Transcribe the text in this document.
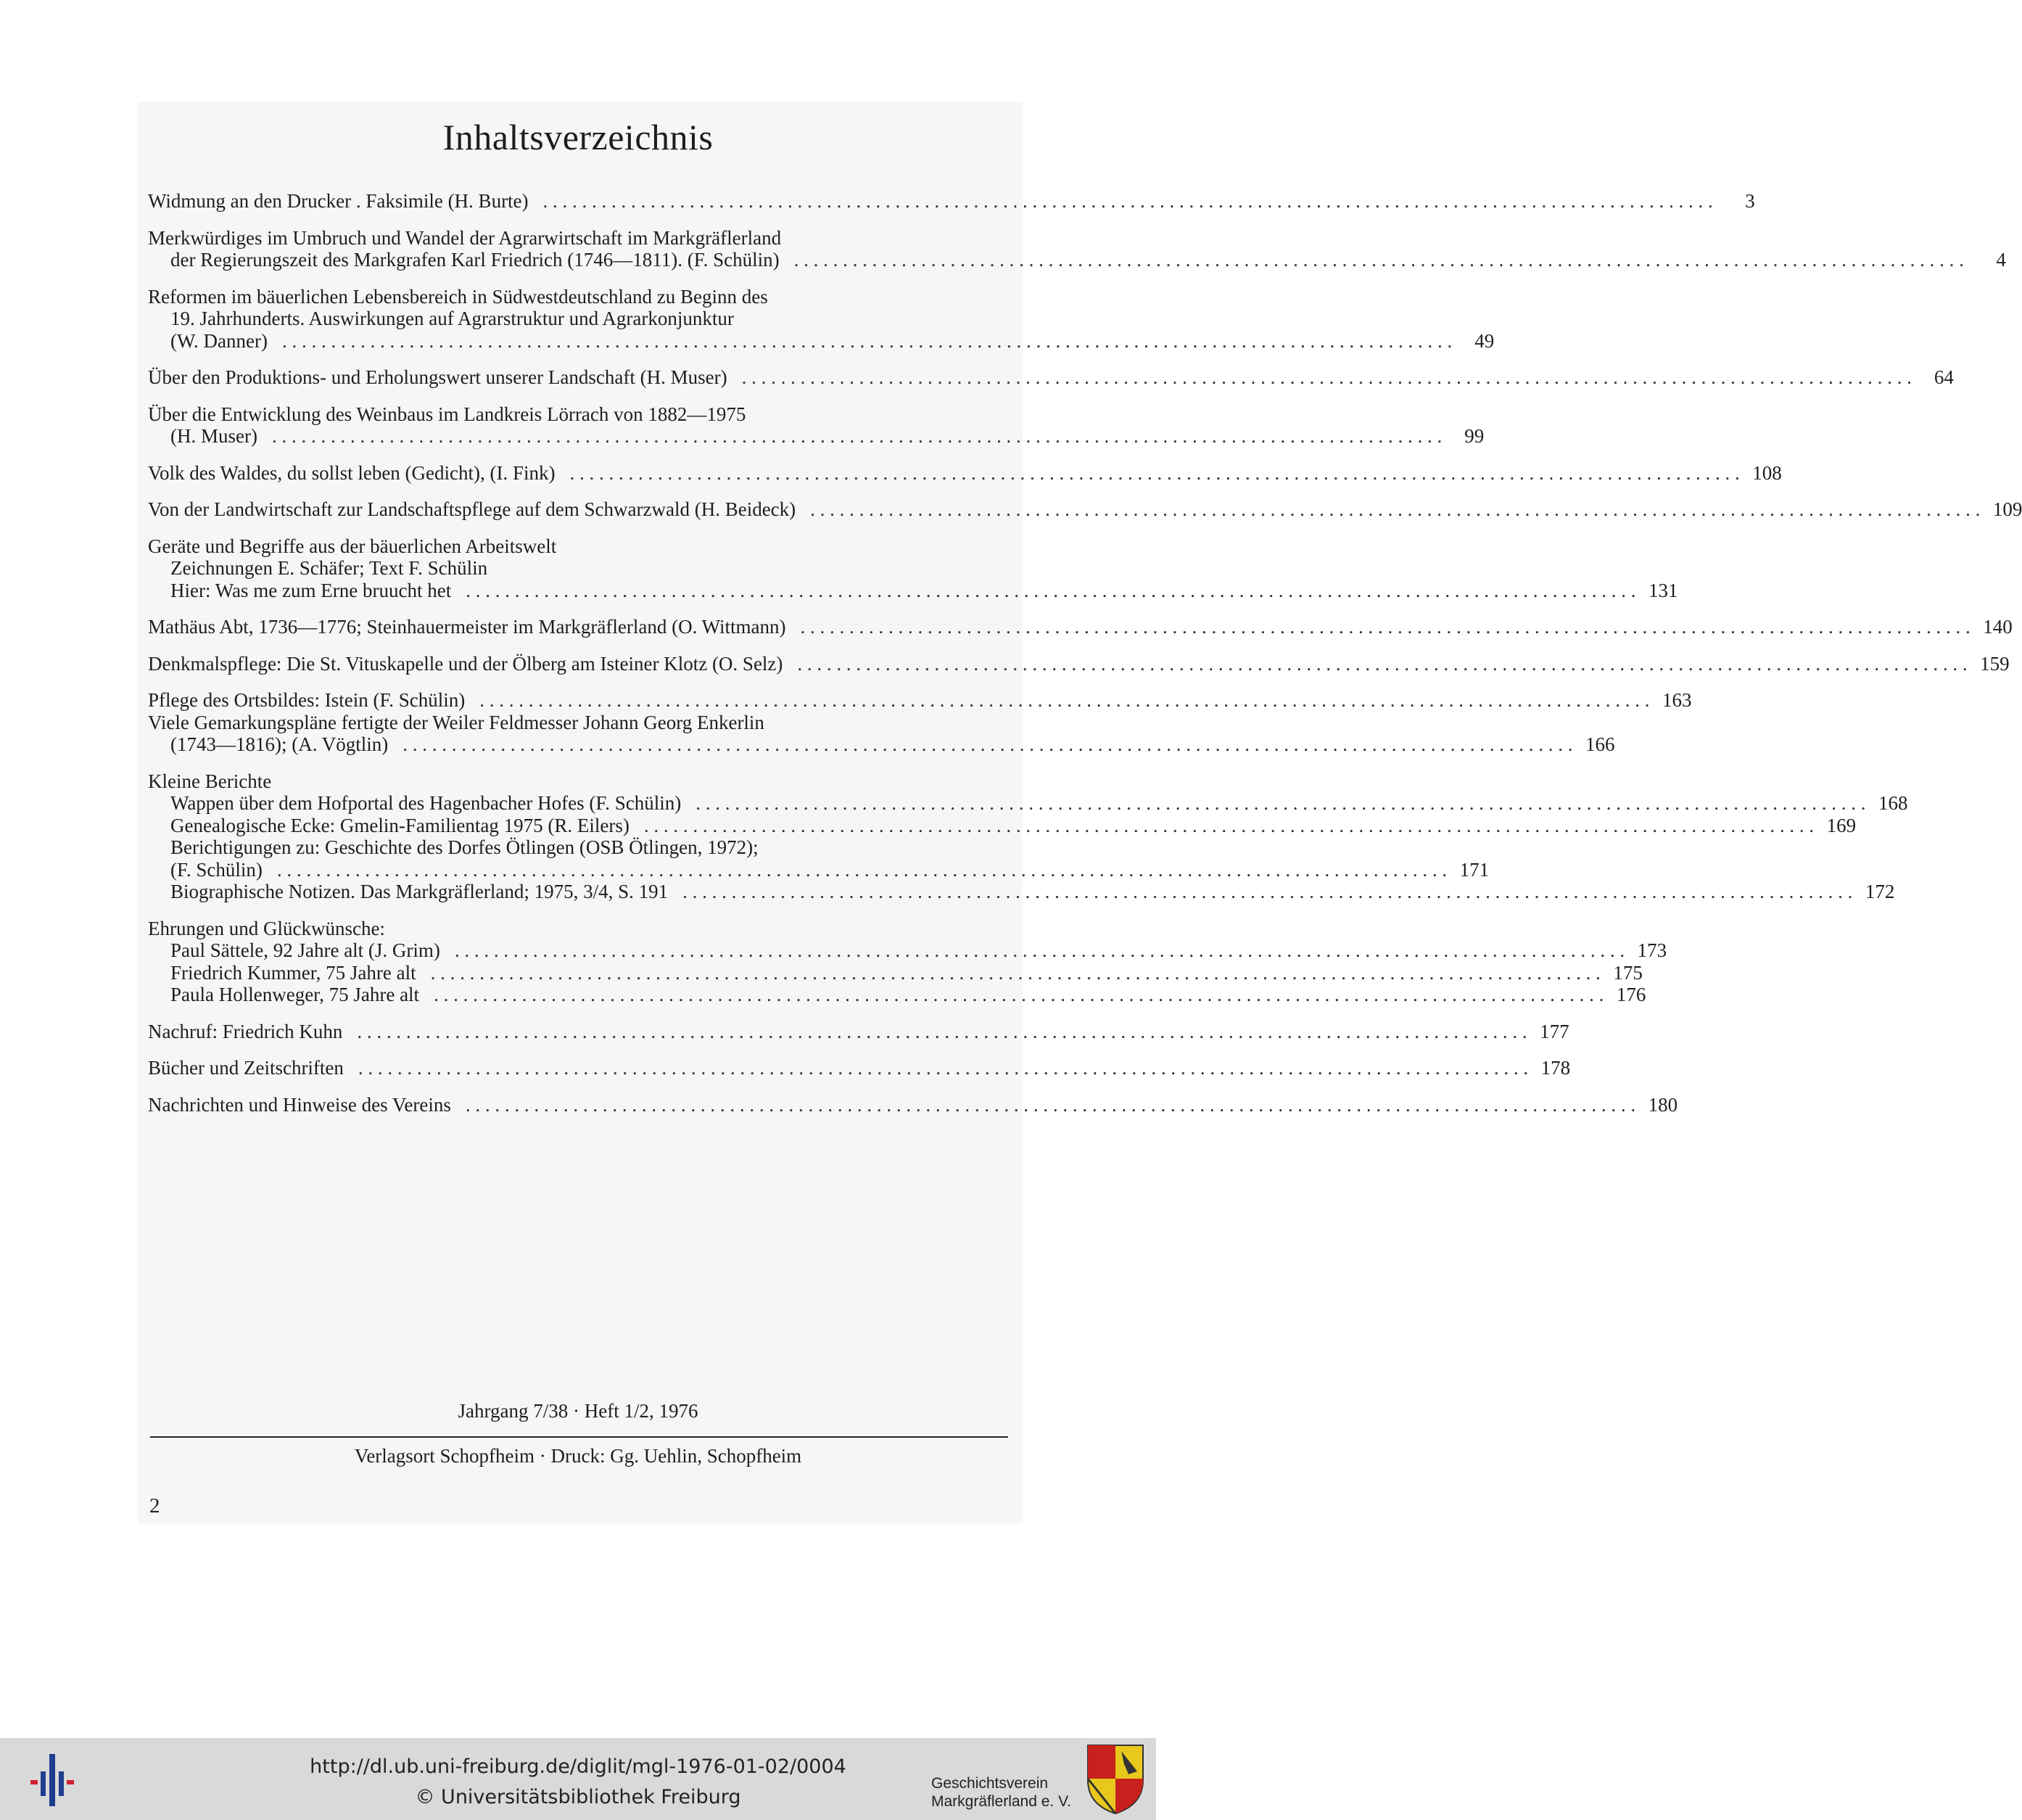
Inhaltsverzeichnis
Widmung an den Drucker . Faksimile (H. Burte) . . . . . . . . . . . . . . . . . . . . . . . . . . . . . . . . . . . . . . . . . . . . . . . . . . . . . . . . . . . . . . . . . . . . . . . . . . . . . . . . . . . . . . . . . . . . . . . . . . . . . . . . . . . . . . . . . . . . . . . .	3
Merkwürdiges im Umbruch und Wandel der Agrarwirtschaft im Markgräflerland
der Regierungszeit des Markgrafen Karl Friedrich (1746—1811). (F. Schülin) . . . . . . . . . . . . . . . . . . . . . . . . . . . . . . . . . . . . . . . . . . . . . . . . . . . . . . . . . . . . . . . . . . . . . . . . . . . . . . . . . . . . . . . . . . . . . . . . . . . . . . . . . . . . . . . . . . . . . . . .	4
Reformen im bäuerlichen Lebensbereich in Südwestdeutschland zu Beginn des
19. Jahrhunderts. Auswirkungen auf Agrarstruktur und Agrarkonjunktur
(W. Danner) . . . . . . . . . . . . . . . . . . . . . . . . . . . . . . . . . . . . . . . . . . . . . . . . . . . . . . . . . . . . . . . . . . . . . . . . . . . . . . . . . . . . . . . . . . . . . . . . . . . . . . . . . . . . . . . . . . . . . . . .	49
Über den Produktions- und Erholungswert unserer Landschaft (H. Muser) . . . . . . . . . . . . . . . . . . . . . . . . . . . . . . . . . . . . . . . . . . . . . . . . . . . . . . . . . . . . . . . . . . . . . . . . . . . . . . . . . . . . . . . . . . . . . . . . . . . . . . . . . . . . . . . . . . . . . . . .	64
Über die Entwicklung des Weinbaus im Landkreis Lörrach von 1882—1975
(H. Muser) . . . . . . . . . . . . . . . . . . . . . . . . . . . . . . . . . . . . . . . . . . . . . . . . . . . . . . . . . . . . . . . . . . . . . . . . . . . . . . . . . . . . . . . . . . . . . . . . . . . . . . . . . . . . . . . . . . . . . . . .	99
Volk des Waldes, du sollst leben (Gedicht), (I. Fink) . . . . . . . . . . . . . . . . . . . . . . . . . . . . . . . . . . . . . . . . . . . . . . . . . . . . . . . . . . . . . . . . . . . . . . . . . . . . . . . . . . . . . . . . . . . . . . . . . . . . . . . . . . . . . . . . . . . . . . . . 108
Von der Landwirtschaft zur Landschaftspflege auf dem Schwarzwald (H. Beideck) . . . . . . . . . . . . . . . . . . . . . . . . . . . . . . . . . . . . . . . . . . . . . . . . . . . . . . . . . . . . . . . . . . . . . . . . . . . . . . . . . . . . . . . . . . . . . . . . . . . . . . . . . . . . . . . . . . . . . . . . 109
Geräte und Begriffe aus der bäuerlichen Arbeitswelt
Zeichnungen E. Schäfer; Text F. Schülin
Hier: Was me zum Erne bruucht het . . . . . . . . . . . . . . . . . . . . . . . . . . . . . . . . . . . . . . . . . . . . . . . . . . . . . . . . . . . . . . . . . . . . . . . . . . . . . . . . . . . . . . . . . . . . . . . . . . . . . . . . . . . . . . . . . . . . . . . . 131
Mathäus Abt, 1736—1776; Steinhauermeister im Markgräflerland (O. Wittmann) . . . . . . . . . . . . . . . . . . . . . . . . . . . . . . . . . . . . . . . . . . . . . . . . . . . . . . . . . . . . . . . . . . . . . . . . . . . . . . . . . . . . . . . . . . . . . . . . . . . . . . . . . . . . . . . . . . . . . . . . 140
Denkmalspflege: Die St. Vituskapelle und der Ölberg am Isteiner Klotz (O. Selz) . . . . . . . . . . . . . . . . . . . . . . . . . . . . . . . . . . . . . . . . . . . . . . . . . . . . . . . . . . . . . . . . . . . . . . . . . . . . . . . . . . . . . . . . . . . . . . . . . . . . . . . . . . . . . . . . . . . . . . . . 159
Pflege des Ortsbildes: Istein (F. Schülin) . . . . . . . . . . . . . . . . . . . . . . . . . . . . . . . . . . . . . . . . . . . . . . . . . . . . . . . . . . . . . . . . . . . . . . . . . . . . . . . . . . . . . . . . . . . . . . . . . . . . . . . . . . . . . . . . . . . . . . . . 163
Viele Gemarkungspläne fertigte der Weiler Feldmesser Johann Georg Enkerlin
(1743—1816); (A. Vögtlin) . . . . . . . . . . . . . . . . . . . . . . . . . . . . . . . . . . . . . . . . . . . . . . . . . . . . . . . . . . . . . . . . . . . . . . . . . . . . . . . . . . . . . . . . . . . . . . . . . . . . . . . . . . . . . . . . . . . . . . . . 166
Kleine Berichte
Wappen über dem Hofportal des Hagenbacher Hofes (F. Schülin) . . . . . . . . . . . . . . . . . . . . . . . . . . . . . . . . . . . . . . . . . . . . . . . . . . . . . . . . . . . . . . . . . . . . . . . . . . . . . . . . . . . . . . . . . . . . . . . . . . . . . . . . . . . . . . . . . . . . . . . . 168
Genealogische Ecke: Gmelin-Familientag 1975 (R. Eilers) . . . . . . . . . . . . . . . . . . . . . . . . . . . . . . . . . . . . . . . . . . . . . . . . . . . . . . . . . . . . . . . . . . . . . . . . . . . . . . . . . . . . . . . . . . . . . . . . . . . . . . . . . . . . . . . . . . . . . . . . 169
Berichtigungen zu: Geschichte des Dorfes Ötlingen (OSB Ötlingen, 1972);
(F. Schülin) . . . . . . . . . . . . . . . . . . . . . . . . . . . . . . . . . . . . . . . . . . . . . . . . . . . . . . . . . . . . . . . . . . . . . . . . . . . . . . . . . . . . . . . . . . . . . . . . . . . . . . . . . . . . . . . . . . . . . . . . 171
Biographische Notizen. Das Markgräflerland; 1975, 3/4, S. 191 . . . . . . . . . . . . . . . . . . . . . . . . . . . . . . . . . . . . . . . . . . . . . . . . . . . . . . . . . . . . . . . . . . . . . . . . . . . . . . . . . . . . . . . . . . . . . . . . . . . . . . . . . . . . . . . . . . . . . . . . 172
Ehrungen und Glückwünsche:
Paul Sättele, 92 Jahre alt (J. Grim) . . . . . . . . . . . . . . . . . . . . . . . . . . . . . . . . . . . . . . . . . . . . . . . . . . . . . . . . . . . . . . . . . . . . . . . . . . . . . . . . . . . . . . . . . . . . . . . . . . . . . . . . . . . . . . . . . . . . . . . . 173
Friedrich Kummer, 75 Jahre alt . . . . . . . . . . . . . . . . . . . . . . . . . . . . . . . . . . . . . . . . . . . . . . . . . . . . . . . . . . . . . . . . . . . . . . . . . . . . . . . . . . . . . . . . . . . . . . . . . . . . . . . . . . . . . . . . . . . . . . . . 175
Paula Hollenweger, 75 Jahre alt . . . . . . . . . . . . . . . . . . . . . . . . . . . . . . . . . . . . . . . . . . . . . . . . . . . . . . . . . . . . . . . . . . . . . . . . . . . . . . . . . . . . . . . . . . . . . . . . . . . . . . . . . . . . . . . . . . . . . . . . 176
Nachruf: Friedrich Kuhn . . . . . . . . . . . . . . . . . . . . . . . . . . . . . . . . . . . . . . . . . . . . . . . . . . . . . . . . . . . . . . . . . . . . . . . . . . . . . . . . . . . . . . . . . . . . . . . . . . . . . . . . . . . . . . . . . . . . . . . . 177
Bücher und Zeitschriften . . . . . . . . . . . . . . . . . . . . . . . . . . . . . . . . . . . . . . . . . . . . . . . . . . . . . . . . . . . . . . . . . . . . . . . . . . . . . . . . . . . . . . . . . . . . . . . . . . . . . . . . . . . . . . . . . . . . . . . . 178
Nachrichten und Hinweise des Vereins . . . . . . . . . . . . . . . . . . . . . . . . . . . . . . . . . . . . . . . . . . . . . . . . . . . . . . . . . . . . . . . . . . . . . . . . . . . . . . . . . . . . . . . . . . . . . . . . . . . . . . . . . . . . . . . . . . . . . . . . 180
Jahrgang 7/38 · Heft 1/2, 1976
Verlagsort Schopfheim · Druck: Gg. Uehlin, Schopfheim
2
http://dl.ub.uni-freiburg.de/diglit/mgl-1976-01-02/0004
© Universitätsbibliothek Freiburg
Geschichtsverein
Markgräflerland e. V.
